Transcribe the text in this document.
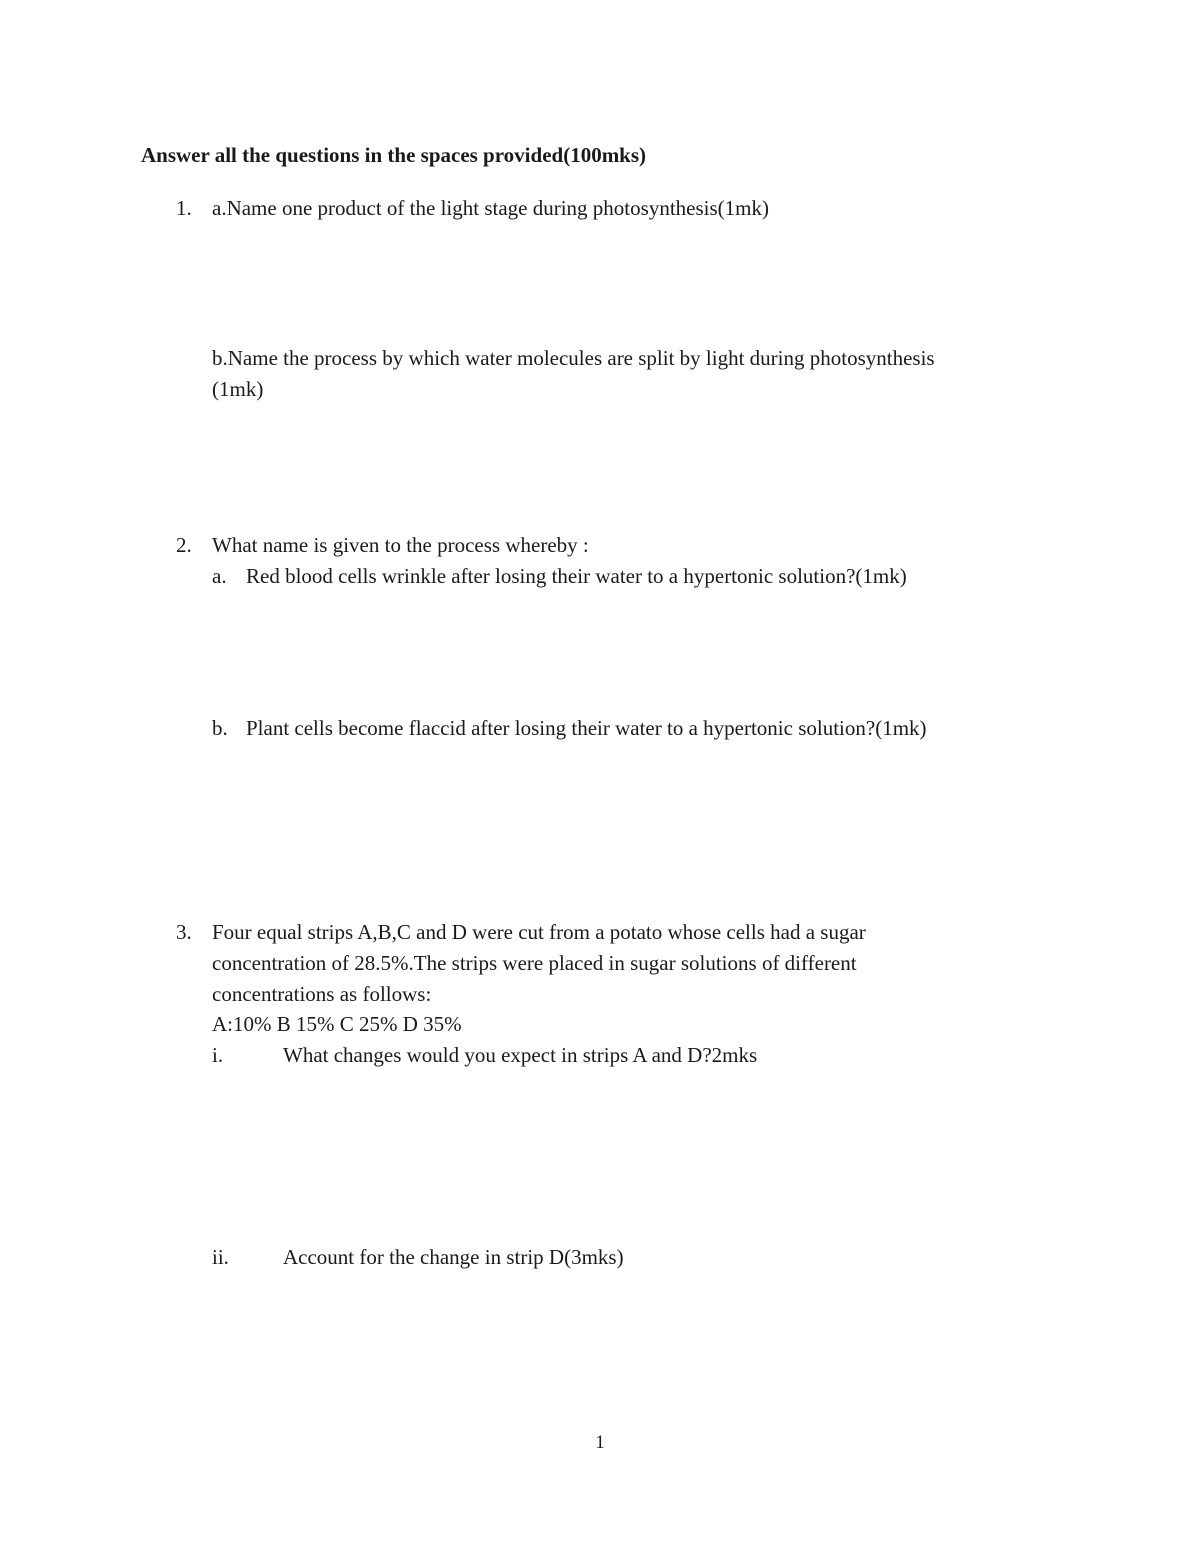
Answer all the questions in the spaces provided(100mks)
1. a.Name one product of the light stage during photosynthesis(1mk)
b.Name the process by which water molecules are split by light during photosynthesis
(1mk)
2. What name is given to the process whereby :
a. Red blood cells wrinkle after losing their water to a hypertonic solution?(1mk)
b. Plant cells become flaccid after losing their water to a hypertonic solution?(1mk)
3. Four equal strips A,B,C and D were cut from a potato whose cells had a sugar
concentration of 28.5%.The strips were placed in sugar solutions of different
concentrations as follows:
A:10% B 15% C 25% D 35%
i.	What changes would you expect in strips A and D?2mks
ii.	Account for the change in strip D(3mks)
1
